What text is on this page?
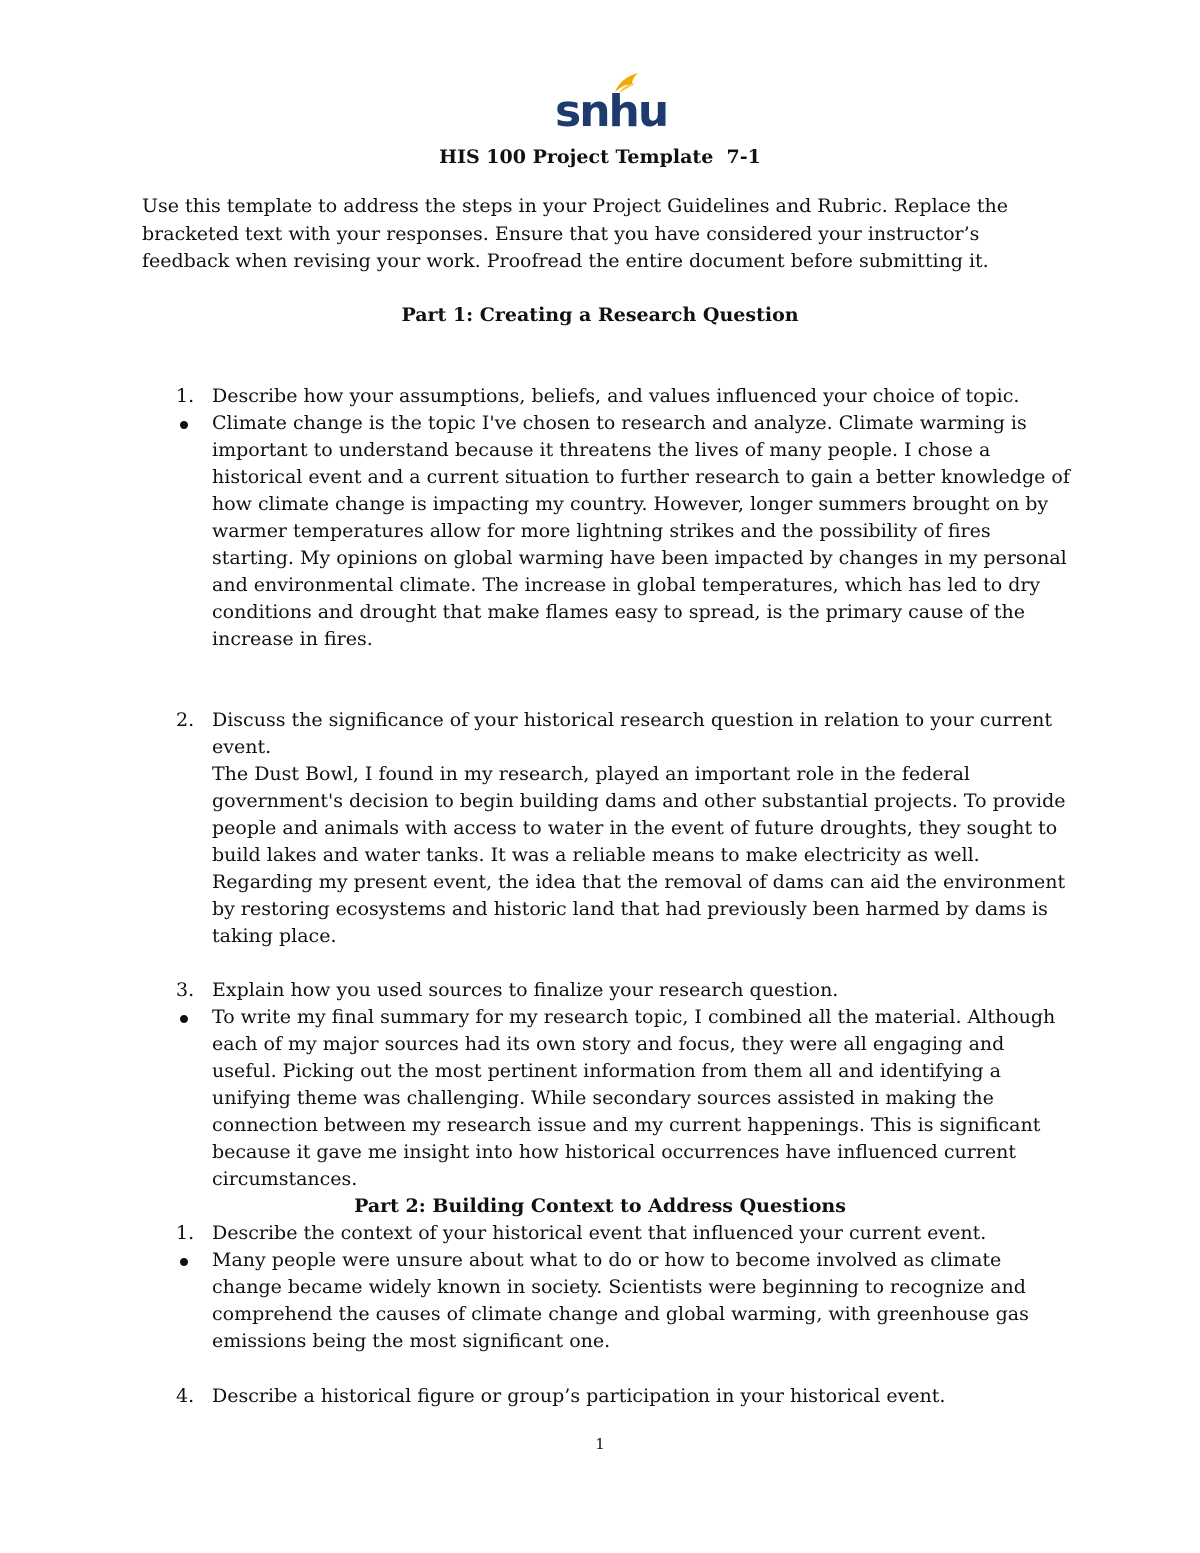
snhu
HIS 100 Project Template  7-1
Use this template to address the steps in your Project Guidelines and Rubric. Replace the bracketed text with your responses. Ensure that you have considered your instructor’s feedback when revising your work. Proofread the entire document before submitting it.
Part 1: Creating a Research Question
1. Describe how your assumptions, beliefs, and values influenced your choice of topic.
Climate change is the topic I've chosen to research and analyze. Climate warming is important to understand because it threatens the lives of many people. I chose a historical event and a current situation to further research to gain a better knowledge of how climate change is impacting my country. However, longer summers brought on by warmer temperatures allow for more lightning strikes and the possibility of fires starting. My opinions on global warming have been impacted by changes in my personal and environmental climate. The increase in global temperatures, which has led to dry conditions and drought that make flames easy to spread, is the primary cause of the increase in fires.
2. Discuss the significance of your historical research question in relation to your current event.
The Dust Bowl, I found in my research, played an important role in the federal government's decision to begin building dams and other substantial projects. To provide people and animals with access to water in the event of future droughts, they sought to build lakes and water tanks. It was a reliable means to make electricity as well. Regarding my present event, the idea that the removal of dams can aid the environment by restoring ecosystems and historic land that had previously been harmed by dams is taking place.
3. Explain how you used sources to finalize your research question.
To write my final summary for my research topic, I combined all the material. Although each of my major sources had its own story and focus, they were all engaging and useful. Picking out the most pertinent information from them all and identifying a unifying theme was challenging. While secondary sources assisted in making the connection between my research issue and my current happenings. This is significant because it gave me insight into how historical occurrences have influenced current circumstances.
Part 2: Building Context to Address Questions
1. Describe the context of your historical event that influenced your current event.
Many people were unsure about what to do or how to become involved as climate change became widely known in society. Scientists were beginning to recognize and comprehend the causes of climate change and global warming, with greenhouse gas emissions being the most significant one.
4. Describe a historical figure or group’s participation in your historical event.
1
